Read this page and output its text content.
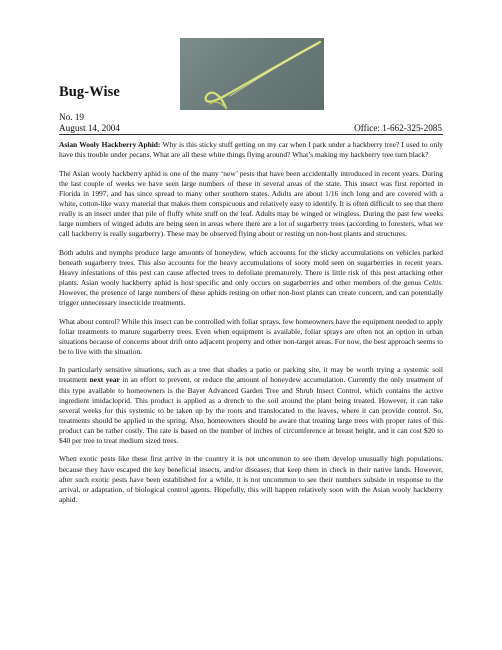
Bug-Wise
No. 19
August 14, 2004	Office: 1-662-325-2085

Asian Wooly Hackberry Aphid: Why is this sticky stuff getting on my car when I park under a hackberry tree? I used to only have this trouble under pecans. What are all these white things flying around? What’s making my hackberry tree turn black?

The Asian wooly hackberry aphid is one of the many ‘new’ pests that have been accidentally introduced in recent years. During the last couple of weeks we have seen large numbers of these in several areas of the state. This insect was first reported in Florida in 1997, and has since spread to many other southern states. Adults are about 1/16 inch long and are covered with a white, cotton-like waxy material that makes them conspicuous and relatively easy to identify. It is often difficult to see that there really is an insect under that pile of fluffy white stuff on the leaf. Adults may be winged or wingless. During the past few weeks large numbers of winged adults are being seen in areas where there are a lot of sugarberry trees (according to foresters, what we call hackberry is really sugarberry). These may be observed flying about or resting on non-host plants and structures.

Both adults and nymphs produce large amounts of honeydew, which accounts for the sticky accumulations on vehicles parked beneath sugarberry trees. This also accounts for the heavy accumulations of sooty mold seen on sugarberries in recent years. Heavy infestations of this pest can cause affected trees to defoliate prematurely. There is little risk of this pest attacking other plants. Asian wooly hackberry aphid is host specific and only occurs on sugarberries and other members of the genus Celtis. However, the presence of large numbers of these aphids resting on other non-host plants can create concern, and can potentially trigger unnecessary insecticide treatments.

What about control? While this insect can be controlled with foliar sprays, few homeowners have the equipment needed to apply foliar treatments to mature sugarberry trees. Even when equipment is available, foliar sprays are often not an option in urban situations because of concerns about drift onto adjacent property and other non-target areas. For now, the best approach seems to be to live with the situation.

In particularly sensitive situations, such as a tree that shades a patio or parking site, it may be worth trying a systemic soil treatment next year in an effort to prevent, or reduce the amount of honeydew accumulation. Currently the only treatment of this type available to homeowners is the Bayer Advanced Garden Tree and Shrub Insect Control, which contains the active ingredient imidacloprid. This product is applied as a drench to the soil around the plant being treated. However, it can take several weeks for this systemic to be taken up by the roots and translocated to the leaves, where it can provide control. So, treatments should be applied in the spring. Also, homeowners should be aware that treating large trees with proper rates of this product can be rather costly. The rate is based on the number of inches of circumference at breast height, and it can cost $20 to $40 per tree to treat medium sized trees.

When exotic pests like these first arrive in the country it is not uncommon to see them develop unusually high populations, because they have escaped the key beneficial insects, and/or diseases, that keep them in check in their native lands. However, after such exotic pests have been established for a while, it is not uncommon to see their numbers subside in response to the arrival, or adaptation, of biological control agents. Hopefully, this will happen relatively soon with the Asian wooly hackberry aphid.
